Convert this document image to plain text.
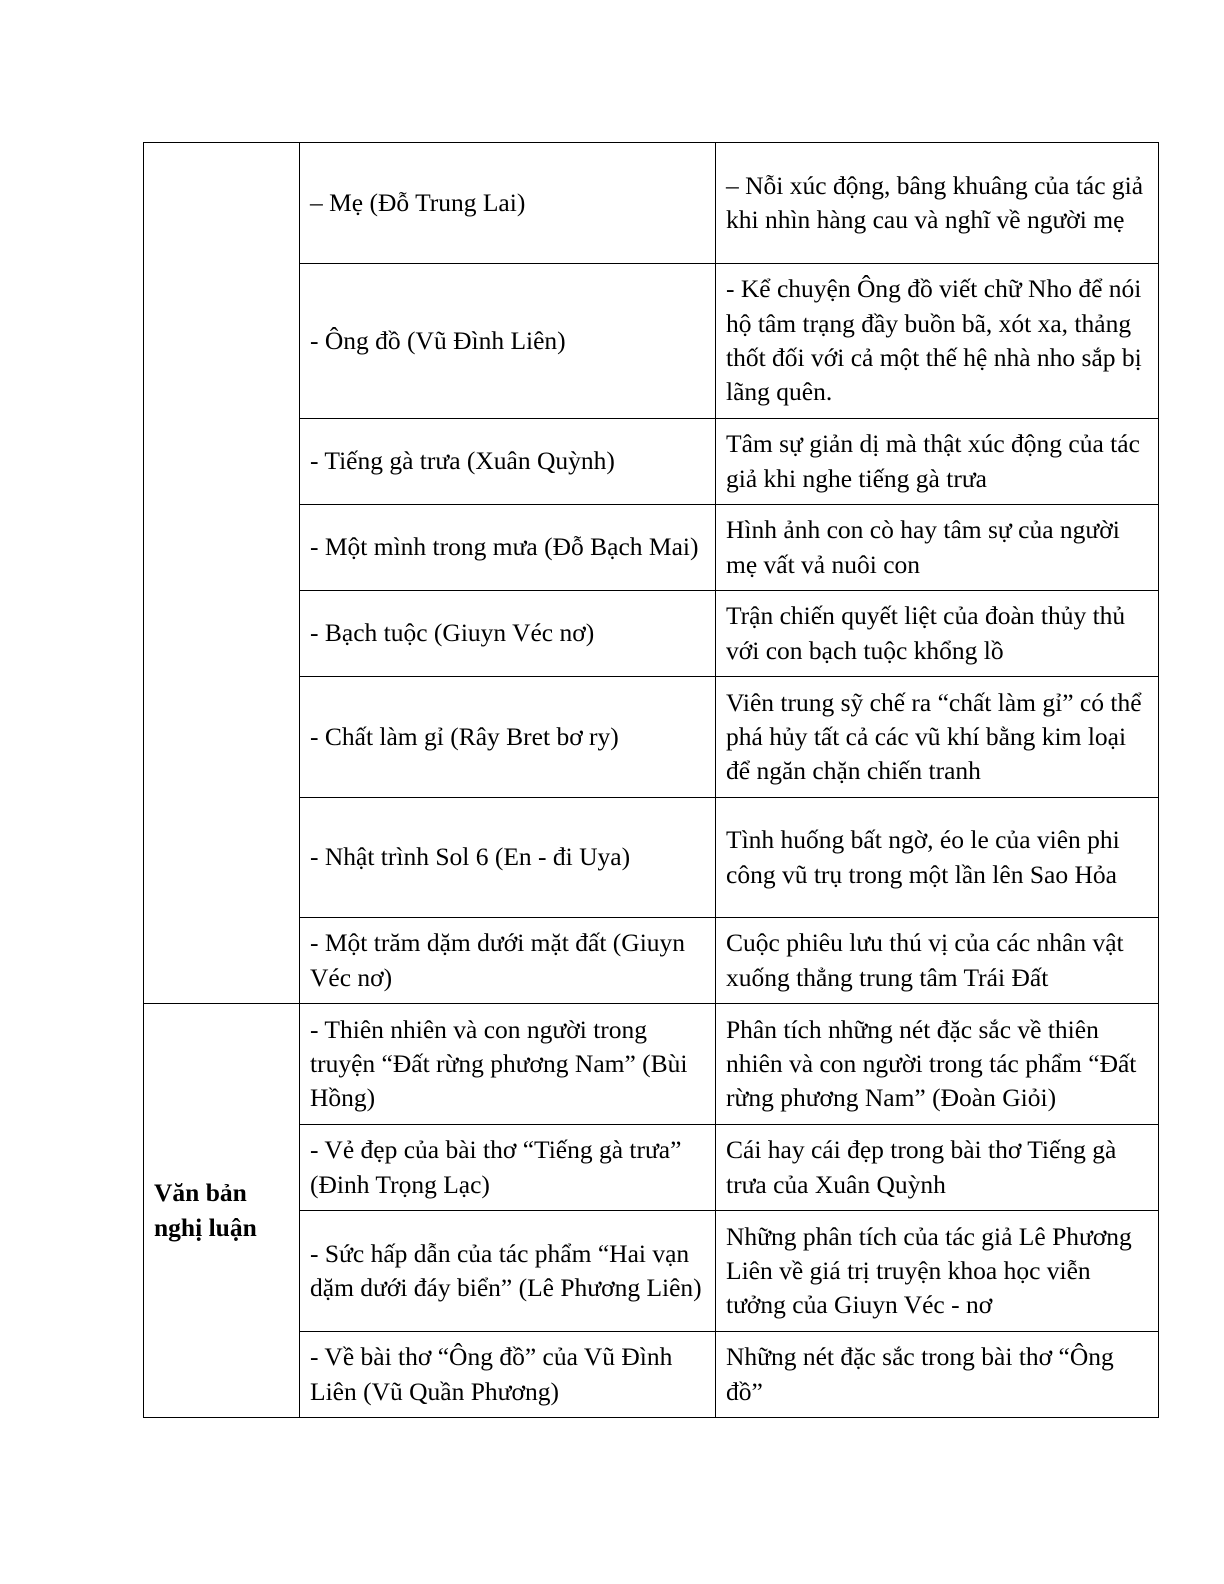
	– Mẹ (Đỗ Trung Lai)	– Nỗi xúc động, bâng khuâng của tác giả khi nhìn hàng cau và nghĩ về người mẹ
	- Ông đồ (Vũ Đình Liên)	- Kể chuyện Ông đồ viết chữ Nho để nói hộ tâm trạng đầy buồn bã, xót xa, thảng thốt đối với cả một thế hệ nhà nho sắp bị lãng quên.
	- Tiếng gà trưa (Xuân Quỳnh)	Tâm sự giản dị mà thật xúc động của tác giả khi nghe tiếng gà trưa
	- Một mình trong mưa (Đỗ Bạch Mai)	Hình ảnh con cò hay tâm sự của người mẹ vất vả nuôi con
	- Bạch tuộc (Giuyn Véc nơ)	Trận chiến quyết liệt của đoàn thủy thủ với con bạch tuộc khổng lồ
	- Chất làm gỉ (Rây Bret bơ ry)	Viên trung sỹ chế ra “chất làm gỉ” có thể phá hủy tất cả các vũ khí bằng kim loại để ngăn chặn chiến tranh
	- Nhật trình Sol 6 (En - đi Uya)	Tình huống bất ngờ, éo le của viên phi công vũ trụ trong một lần lên Sao Hỏa
	- Một trăm dặm dưới mặt đất (Giuyn Véc nơ)	Cuộc phiêu lưu thú vị của các nhân vật xuống thẳng trung tâm Trái Đất
Văn bản nghị luận	- Thiên nhiên và con người trong truyện “Đất rừng phương Nam” (Bùi Hồng)	Phân tích những nét đặc sắc về thiên nhiên và con người trong tác phẩm “Đất rừng phương Nam” (Đoàn Giỏi)
	- Vẻ đẹp của bài thơ “Tiếng gà trưa” (Đinh Trọng Lạc)	Cái hay cái đẹp trong bài thơ Tiếng gà trưa của Xuân Quỳnh
	- Sức hấp dẫn của tác phẩm “Hai vạn dặm dưới đáy biển” (Lê Phương Liên)	Những phân tích của tác giả Lê Phương Liên về giá trị truyện khoa học viễn tưởng của Giuyn Véc - nơ
	- Về bài thơ “Ông đồ” của Vũ Đình Liên (Vũ Quần Phương)	Những nét đặc sắc trong bài thơ “Ông đồ”
